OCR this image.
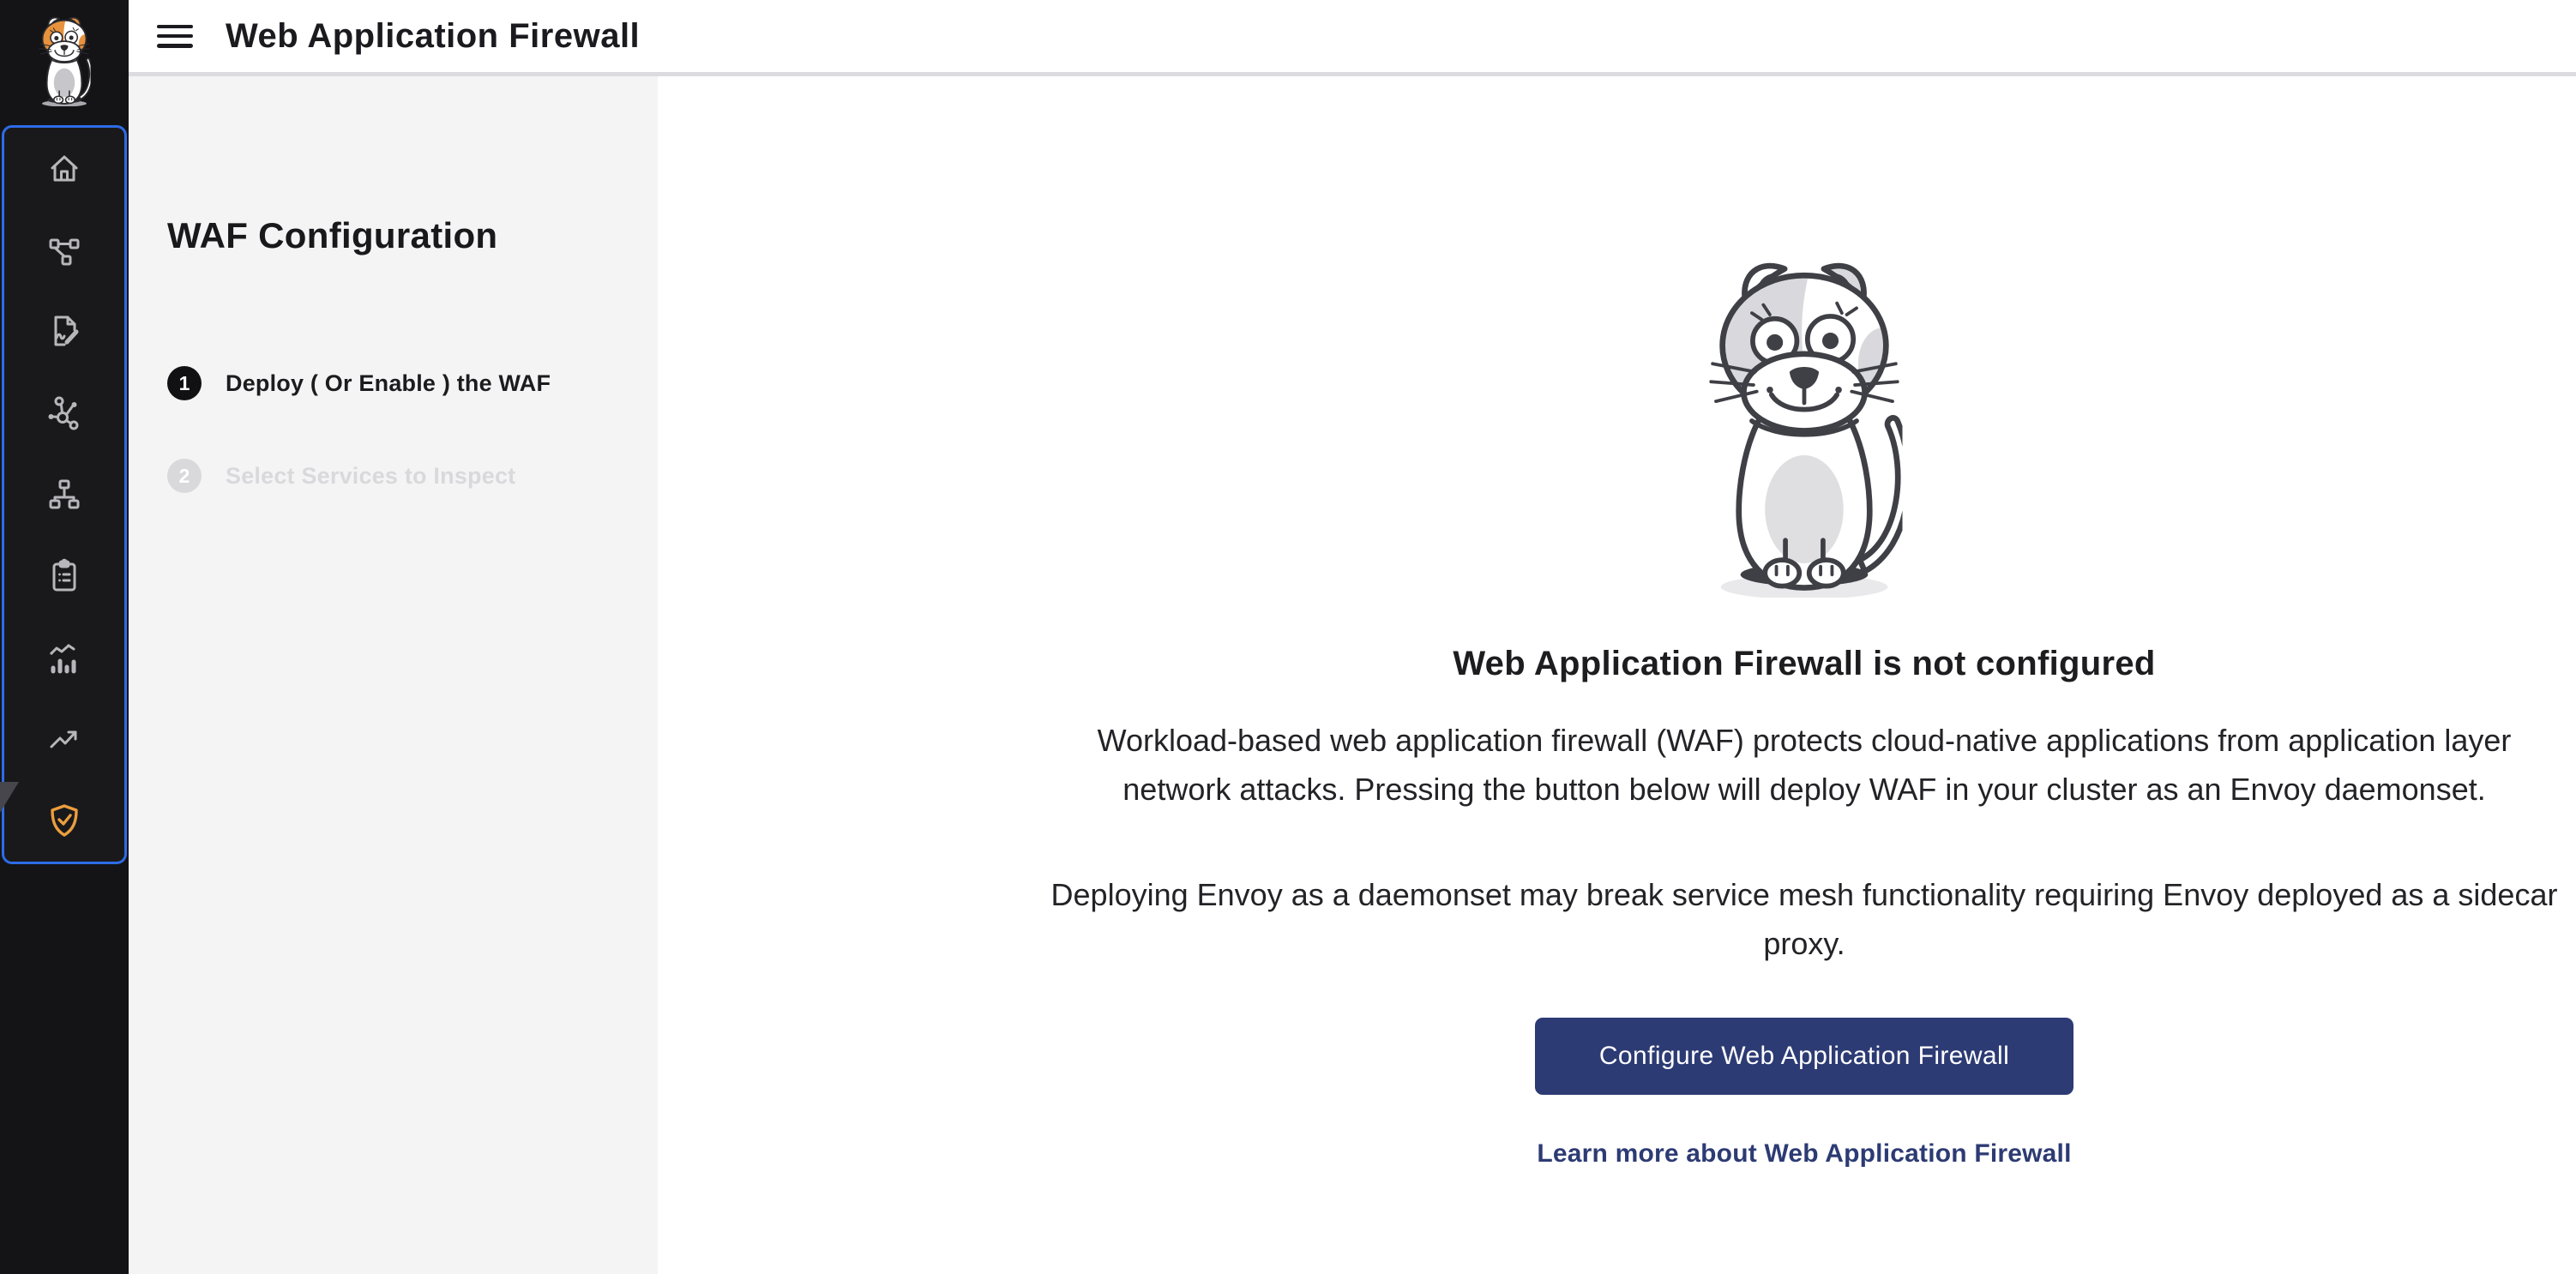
Web Application Firewall
WAF Configuration
1	Deploy ( Or Enable ) the WAF
2	Select Services to Inspect
Web Application Firewall is not configured

Workload-based web application firewall (WAF) protects cloud-native applications from application layer network attacks. Pressing the button below will deploy WAF in your cluster as an Envoy daemonset.

Deploying Envoy as a daemonset may break service mesh functionality requiring Envoy deployed as a sidecar proxy.

Configure Web Application Firewall
Learn more about Web Application Firewall
